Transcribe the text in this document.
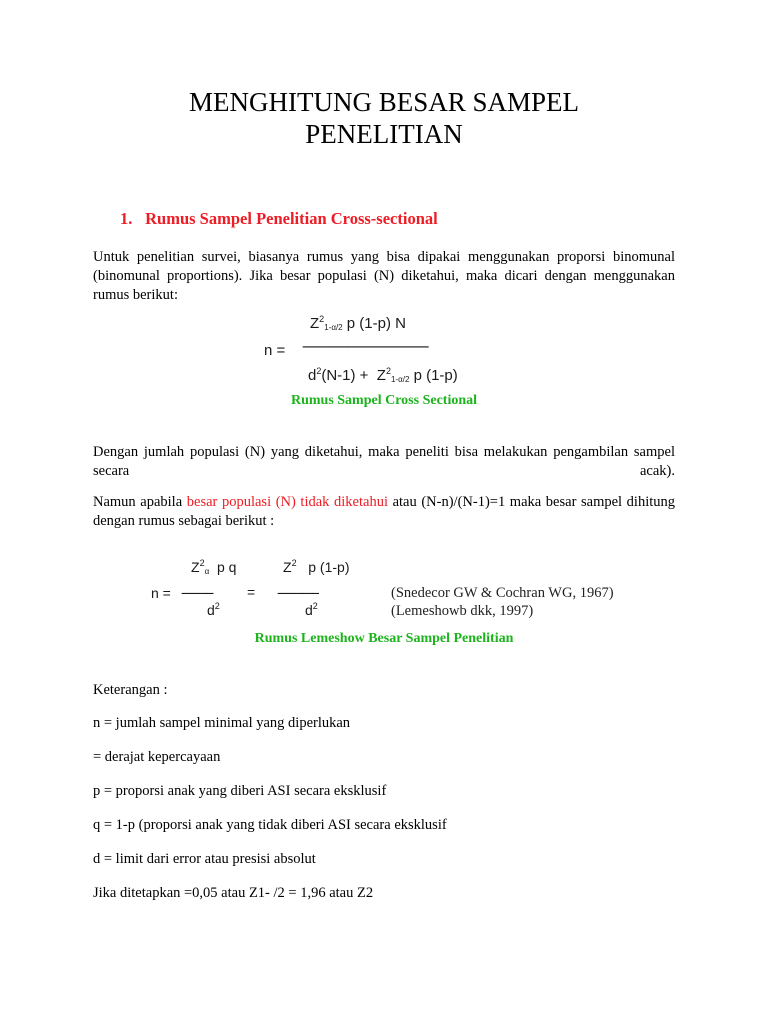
MENGHITUNG BESAR SAMPEL
PENELITIAN
1. Rumus Sampel Penelitian Cross-sectional

Untuk penelitian survei, biasanya rumus yang bisa dipakai menggunakan proporsi binomunal (binomunal proportions). Jika besar populasi (N) diketahui, maka dicari dengan menggunakan rumus berikut:

$Z^2_{1-\alpha/2}$ p (1-p) N
n = ------------------------------------
$d^2(N-1) + Z^2_{1-\alpha/2}$ p (1-p)

Rumus Sampel Cross Sectional

Dengan jumlah populasi (N) yang diketahui, maka peneliti bisa melakukan pengambilan sampel secara acak).

Namun apabila besar populasi (N) tidak diketahui atau (N-n)/(N-1)=1 maka besar sampel dihitung dengan rumus sebagai berikut :

$Z^2_\alpha$ p q	$Z^2$ p (1-p)
n = ---------- = -------------
$d^2$	$d^2$
(Snedecor GW & Cochran WG, 1967)
(Lemeshowb dkk, 1997)

Rumus Lemeshow Besar Sampel Penelitian

Keterangan :

n = jumlah sampel minimal yang diperlukan

= derajat kepercayaan

p = proporsi anak yang diberi ASI secara eksklusif

q = 1-p (proporsi anak yang tidak diberi ASI secara eksklusif

d = limit dari error atau presisi absolut

Jika ditetapkan =0,05 atau Z1- /2 = 1,96 atau Z2
